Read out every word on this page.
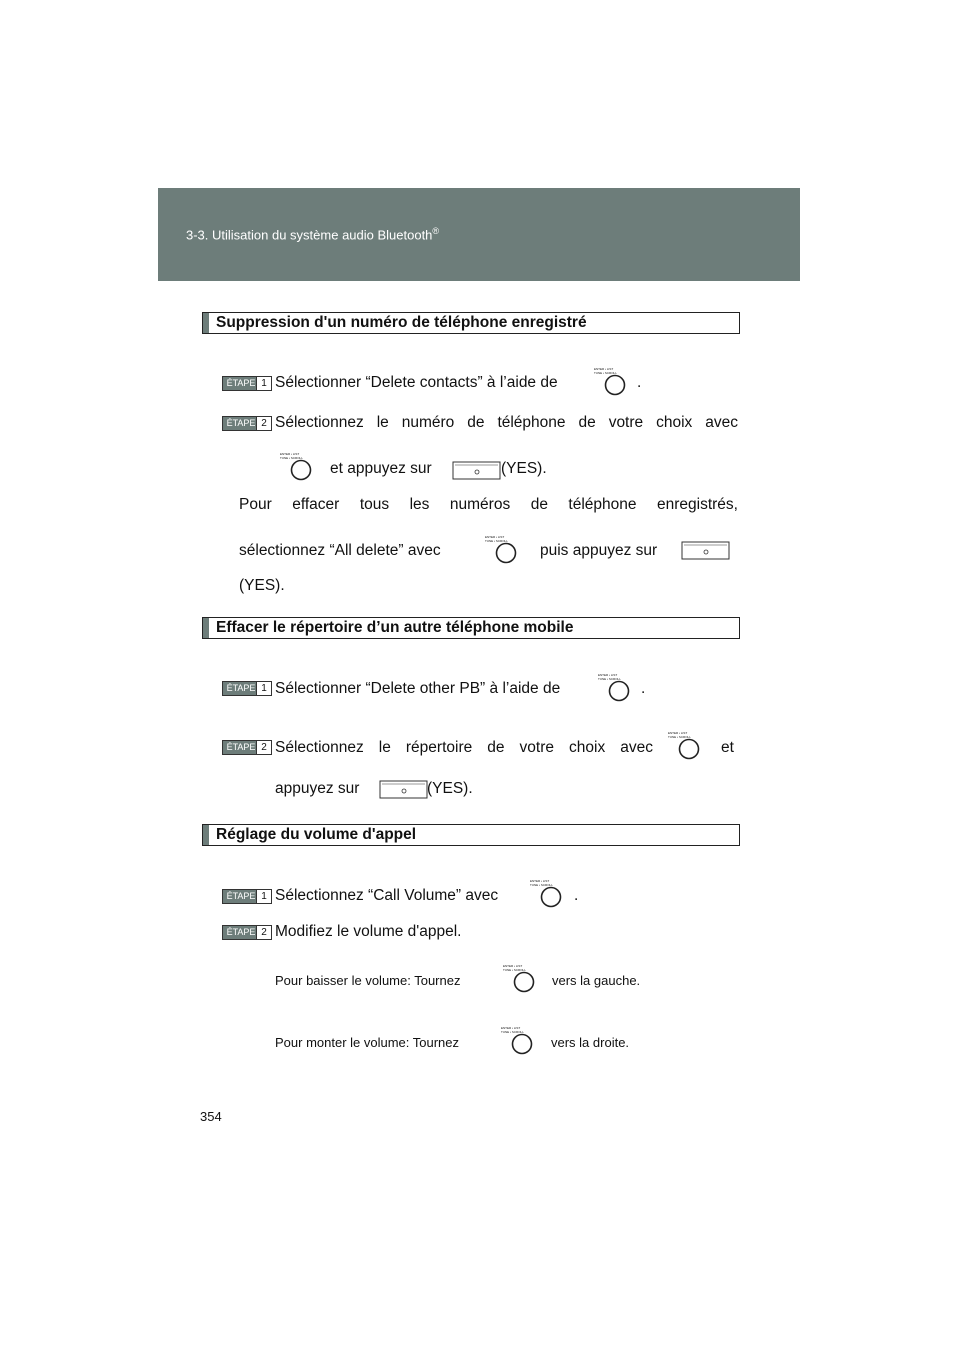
3-3. Utilisation du système audio Bluetooth®
Suppression d'un numéro de téléphone enregistré
ÉTAPE 1 Sélectionner “Delete contacts” à l’aide de
ENTER • LIST
TUNE • SCROLL
.
ÉTAPE 2 Sélectionnez le numéro de téléphone de votre choix avec
ENTER • LIST
TUNE • SCROLL
et appuyez sur	(YES).
Pour effacer tous les numéros de téléphone enregistrés,
sélectionnez “All delete” avec
ENTER • LIST
TUNE • SCROLL
puis appuyez sur
(YES).
Effacer le répertoire d’un autre téléphone mobile
ÉTAPE 1 Sélectionner “Delete other PB” à l’aide de
ENTER • LIST
TUNE • SCROLL
.
ÉTAPE 2 Sélectionnez le répertoire de votre choix avec
ENTER • LIST
TUNE • SCROLL
et
appuyez sur	(YES).
Réglage du volume d'appel
ÉTAPE 1 Sélectionnez “Call Volume” avec
ENTER • LIST
TUNE • SCROLL
.
ÉTAPE 2 Modifiez le volume d'appel.
Pour baisser le volume: Tournez
ENTER • LIST
TUNE • SCROLL
vers la gauche.
Pour monter le volume: Tournez
ENTER • LIST
TUNE • SCROLL
vers la droite.
354
